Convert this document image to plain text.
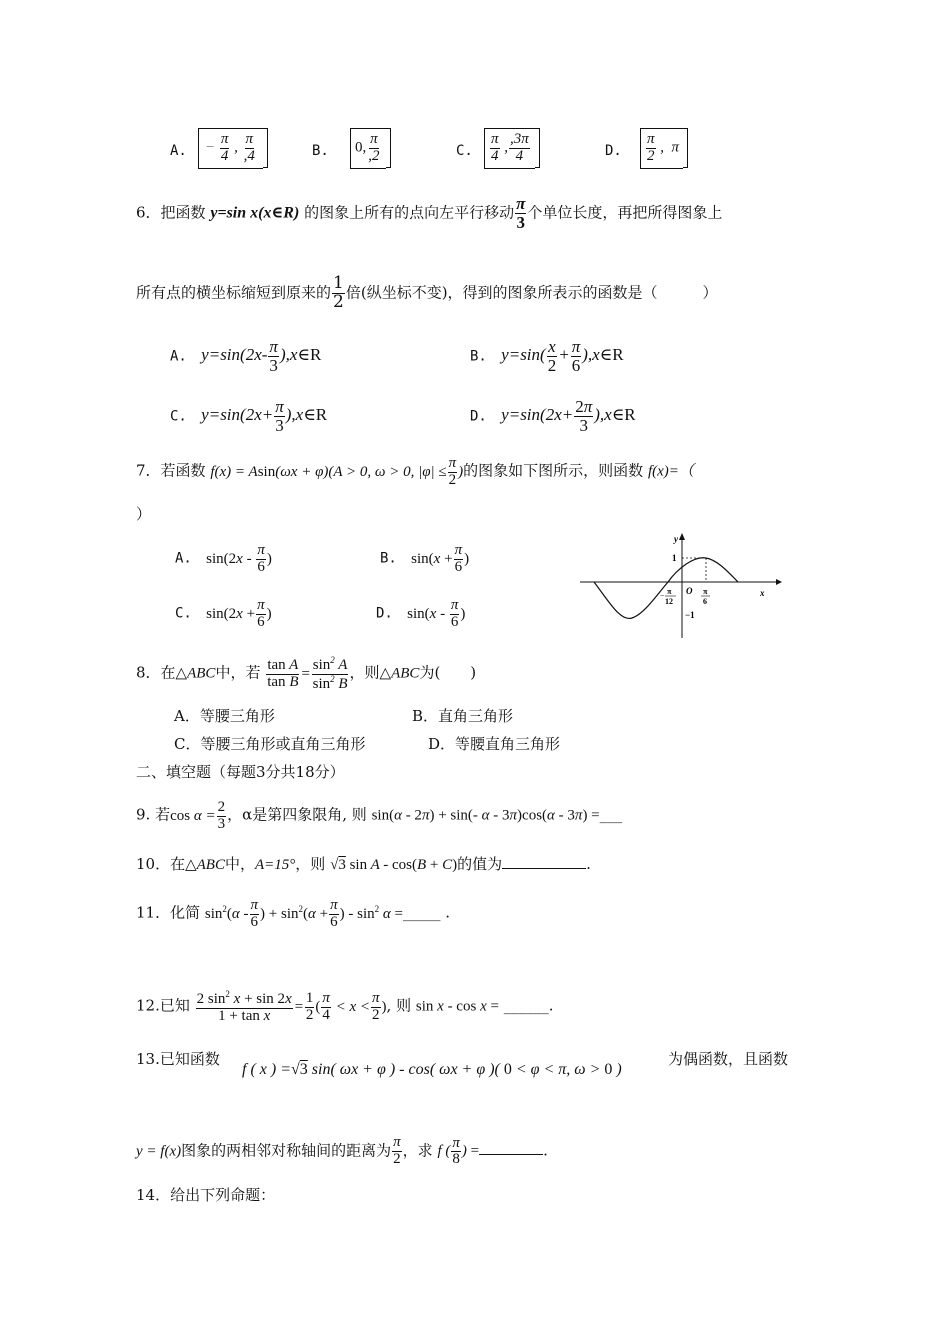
A.	− $\frac{\pi}{4}$ , $\frac{\pi}{,4}$	B.	0, $\frac{\pi}{,2}$	C. $\frac{\pi}{4}$ , $\frac{,3\pi}{4}$	D. $\frac{\pi}{2}$ ,  π
6．把函数 y=sin x(x∈R) 的图象上所有的点向左平行移动 $\frac{\pi}{3}$ 个单位长度，再把所得图象上
所有点的横坐标缩短到原来的 $\frac{1}{2}$ 倍(纵坐标不变)，得到的图象所表示的函数是（　　　）
A. $y=\sin(2x- \frac{\pi}{3}$ ),x∈R	B. $y=\sin( \frac{x}{2} + \frac{\pi}{6}$ ),x∈R
C. $y=\sin(2x+ \frac{\pi}{3}$ ),x∈R	D. $y=\sin(2x+ \frac{2\pi}{3}$ ),x∈R
7．若函数 f(x) = Asin(ωx + φ)(A > 0, ω > 0, $|\varphi| \le \frac{\pi}{2}$ )的图象如下图所示，则函数 f(x)=（
）
A. $\sin(2x - \frac{\pi}{6}$ )	B. $\sin(x + \frac{\pi}{6}$ )
C. $\sin(2x + \frac{\pi}{6}$ )	D. $\sin(x - \frac{\pi}{6}$ )
y
x
1
−1
O
− π
12
π
6
8．在△ABC中，若 $\frac{\text{tan A}}{\text{tan B}} = \frac{\sin^2 A}{\sin^2 B}$ ，则△ABC为(　　)
A．等腰三角形	B．直角三角形
C．等腰三角形或直角三角形	D．等腰直角三角形
二、填空题（每题3分共18分）
9. 若$\cos \alpha = \frac{2}{3}$ ，α是第四象限角, 则 sin(α - 2π) + sin(- α - 3π)cos(α - 3π) =___
10．在△ABC中，A=15°，则 √3 sin A - cos(B + C)的值为	.
11．化简 $\sin^2(\alpha - \frac{\pi}{6}$ ) + $\sin^2(\alpha + \frac{\pi}{6}$ ) - $\sin^2 \alpha$ =_____ .
12.已知 $\frac{2 \sin^2 x + \sin 2x}{\text{1 + tan x}} = \frac{1}{2}$ ( $\frac{\pi}{4} < x < \frac{\pi}{2}$ ), 则 sin x - cos x = ______.
13.已知函数
f ( x ) =√3 sin( ωx + φ ) - cos( ωx + φ )( 0 < φ < π, ω > 0 )
为偶函数，且函数
y = f(x)图象的两相邻对称轴间的距离为 $\frac{\pi}{2}$ ，求 f ( $\frac{\pi}{8}$ ) =	.
14．给出下列命题：
